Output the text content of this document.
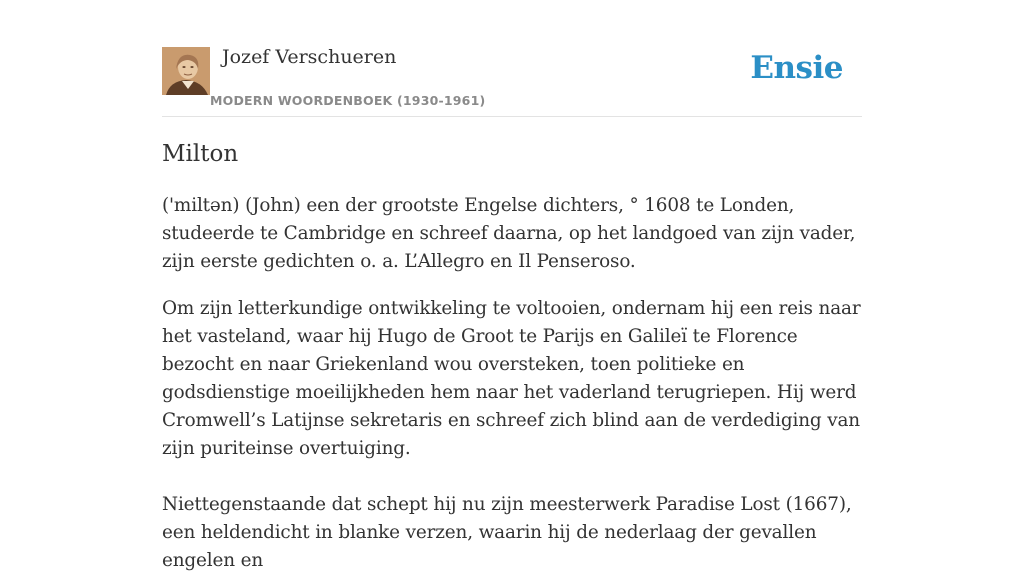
Jozef Verschueren
MODERN WOORDENBOEK (1930-1961)
Ensie
Milton

('miltən) (John) een der grootste Engelse dichters, ° 1608 te Londen, studeerde te Cambridge en schreef daarna, op het landgoed van zijn vader, zijn eerste gedichten o. a. L’Allegro en Il Penseroso.

Om zijn letterkundige ontwikkeling te voltooien, ondernam hij een reis naar het vasteland, waar hij Hugo de Groot te Parijs en Galileï te Florence bezocht en naar Griekenland wou oversteken, toen politieke en godsdienstige moeilijkheden hem naar het vaderland terugriepen. Hij werd Cromwell’s Latijnse sekretaris en schreef zich blind aan de verdediging van zijn puriteinse overtuiging.

Niettegenstaande dat schept hij nu zijn meesterwerk Paradise Lost (1667), een heldendicht in blanke verzen, waarin hij de nederlaag der gevallen engelen en
